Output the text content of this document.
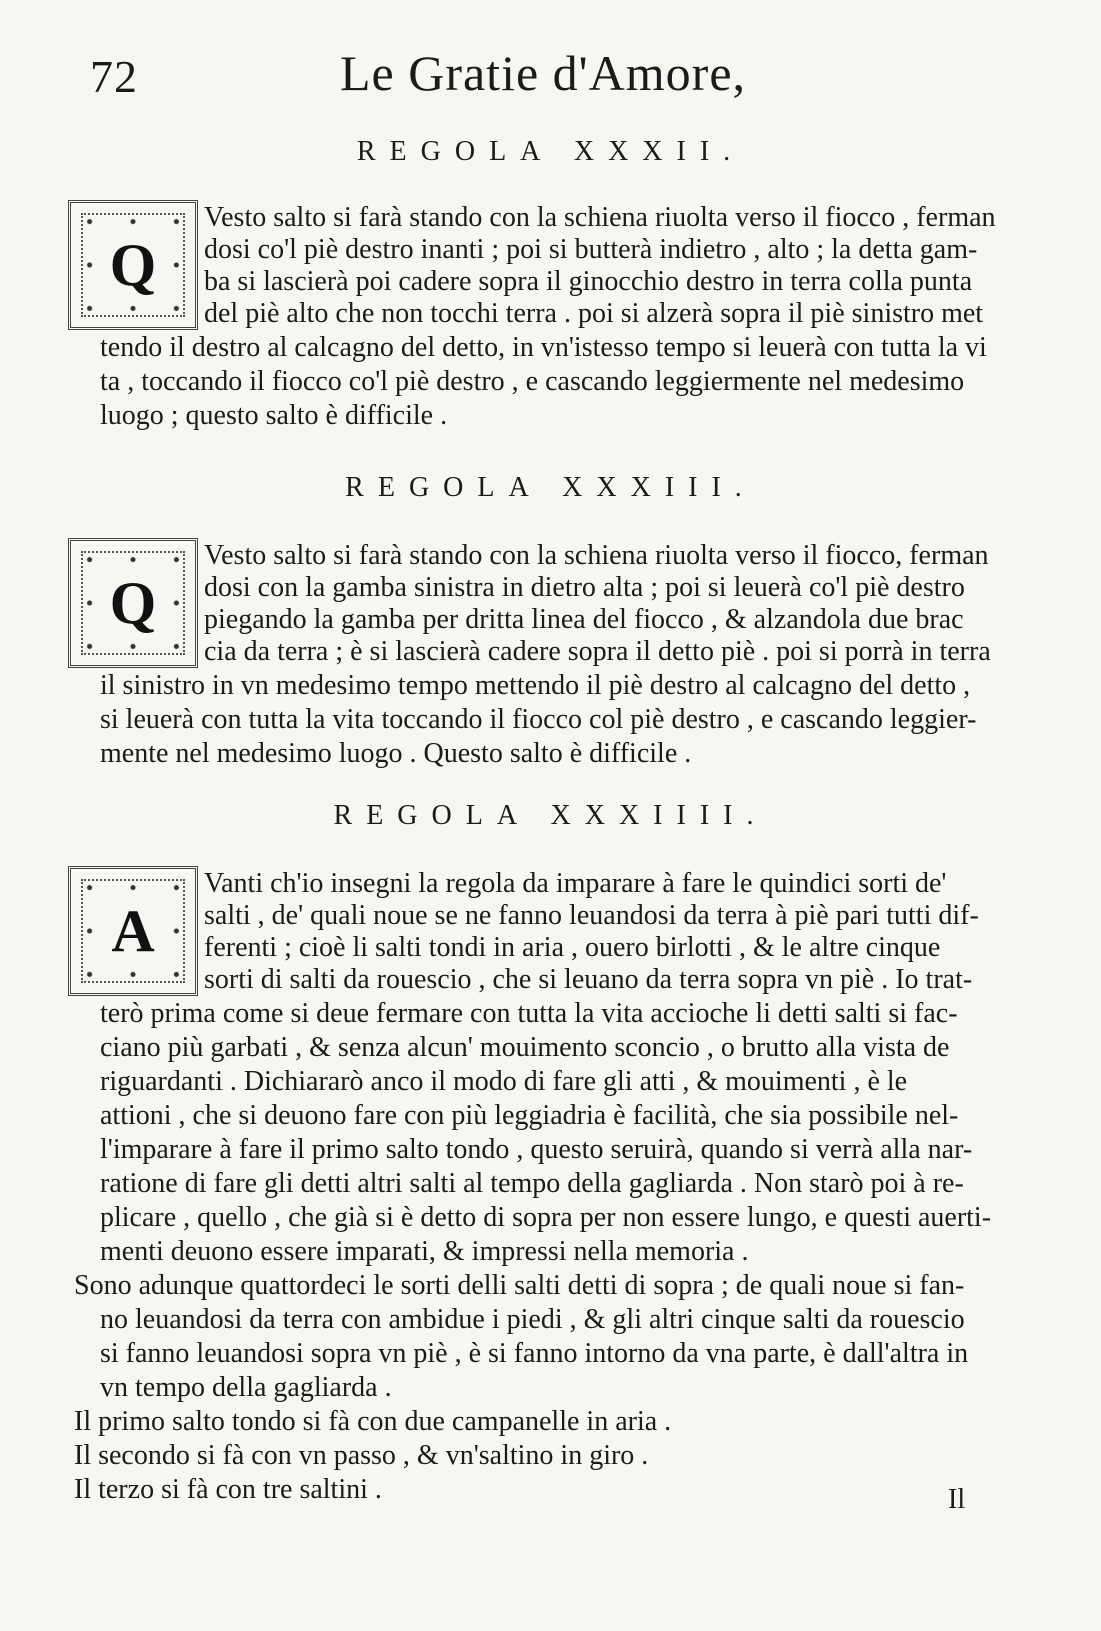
72	Le Gratie d'Amore,
REGOLA XXXII.
Q
Vesto salto si farà stando con la schiena riuolta verso il fiocco , ferman
dosi co'l piè destro inanti ; poi si butterà indietro , alto ; la detta gam-
ba si lascierà poi cadere sopra il ginocchio destro in terra colla punta
del piè alto che non tocchi terra . poi si alzerà sopra il piè sinistro met
tendo il destro al calcagno del detto, in vn'istesso tempo si leuerà con tutta la vi
ta , toccando il fiocco co'l piè destro , e cascando leggiermente nel medesimo
luogo ; questo salto è difficile .
REGOLA XXXIII.
Q
Vesto salto si farà stando con la schiena riuolta verso il fiocco, ferman
dosi con la gamba sinistra in dietro alta ; poi si leuerà co'l piè destro
piegando la gamba per dritta linea del fiocco , & alzandola due brac
cia da terra ; è si lascierà cadere sopra il detto piè . poi si porrà in terra
il sinistro in vn medesimo tempo mettendo il piè destro al calcagno del detto ,
si leuerà con tutta la vita toccando il fiocco col piè destro , e cascando leggier-
mente nel medesimo luogo . Questo salto è difficile .
REGOLA XXXIIII.
A
Vanti ch'io insegni la regola da imparare à fare le quindici sorti de'
salti , de' quali noue se ne fanno leuandosi da terra à piè pari tutti dif-
ferenti ; cioè li salti tondi in aria , ouero birlotti , & le altre cinque
sorti di salti da rouescio , che si leuano da terra sopra vn piè . Io trat-
terò prima come si deue fermare con tutta la vita accioche li detti salti si fac-
ciano più garbati , & senza alcun' mouimento sconcio , o brutto alla vista de
riguardanti . Dichiararò anco il modo di fare gli atti , & mouimenti , è le
attioni , che si deuono fare con più leggiadria è facilità, che sia possibile nel-
l'imparare à fare il primo salto tondo , questo seruirà, quando si verrà alla nar-
ratione di fare gli detti altri salti al tempo della gagliarda . Non starò poi à re-
plicare , quello , che già si è detto di sopra per non essere lungo, e questi auerti-
menti deuono essere imparati, & impressi nella memoria .
Sono adunque quattordeci le sorti delli salti detti di sopra ; de quali noue si fan-
no leuandosi da terra con ambidue i piedi , & gli altri cinque salti da rouescio
si fanno leuandosi sopra vn piè , è si fanno intorno da vna parte, è dall'altra in
vn tempo della gagliarda .
Il primo salto tondo si fà con due campanelle in aria .
Il secondo si fà con vn passo , & vn'saltino in giro .
Il terzo si fà con tre saltini .	Il
